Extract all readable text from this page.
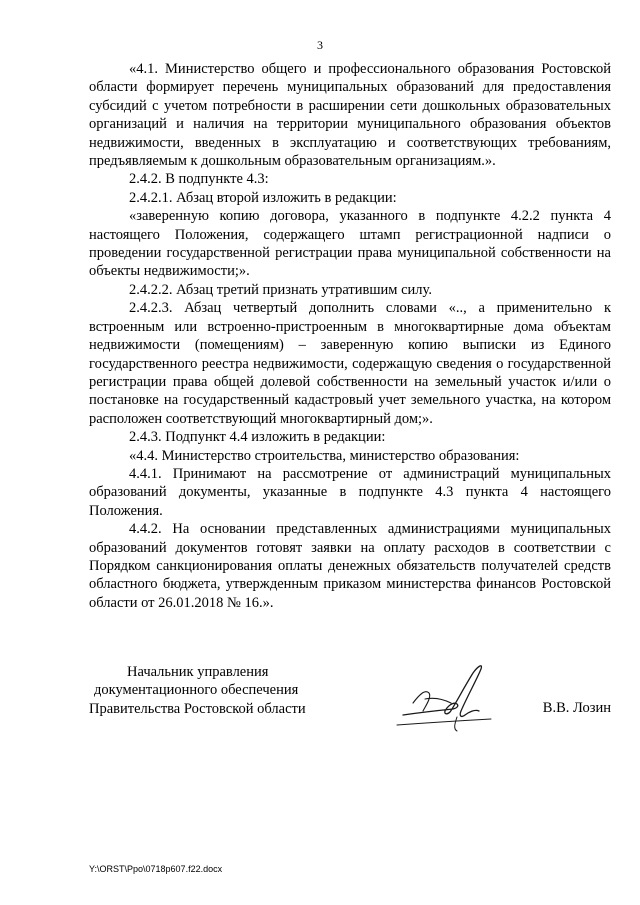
3

«4.1. Министерство общего и профессионального образования Ростовской области формирует перечень муниципальных образований для предоставления субсидий с учетом потребности в расширении сети дошкольных образовательных организаций и наличия на территории муниципального образования объектов недвижимости, введенных в эксплуатацию и соответствующих требованиям, предъявляемым к дошкольным образовательным организациям.».

2.4.2. В подпункте 4.3:

2.4.2.1. Абзац второй изложить в редакции:

«заверенную копию договора, указанного в подпункте 4.2.2 пункта 4 настоящего Положения, содержащего штамп регистрационной надписи о проведении государственной регистрации права муниципальной собственности на объекты недвижимости;».

2.4.2.2. Абзац третий признать утратившим силу.

2.4.2.3. Абзац четвертый дополнить словами «.., а применительно к встроенным или встроенно-пристроенным в многоквартирные дома объектам недвижимости (помещениям) – заверенную копию выписки из Единого государственного реестра недвижимости, содержащую сведения о государственной регистрации права общей долевой собственности на земельный участок и/или о постановке на государственный кадастровый учет земельного участка, на котором расположен соответствующий многоквартирный дом;».

2.4.3. Подпункт 4.4 изложить в редакции:

«4.4. Министерство строительства, министерство образования:

4.4.1. Принимают на рассмотрение от администраций муниципальных образований документы, указанные в подпункте 4.3 пункта 4 настоящего Положения.

4.4.2. На основании представленных администрациями муниципальных образований документов готовят заявки на оплату расходов в соответствии с Порядком санкционирования оплаты денежных обязательств получателей средств областного бюджета, утвержденным приказом министерства финансов Ростовской области от 26.01.2018 № 16.».

Начальник управления
документационного обеспечения
Правительства Ростовской области	В.В. Лозин
Y:\ORST\Ppo\0718p607.f22.docx
